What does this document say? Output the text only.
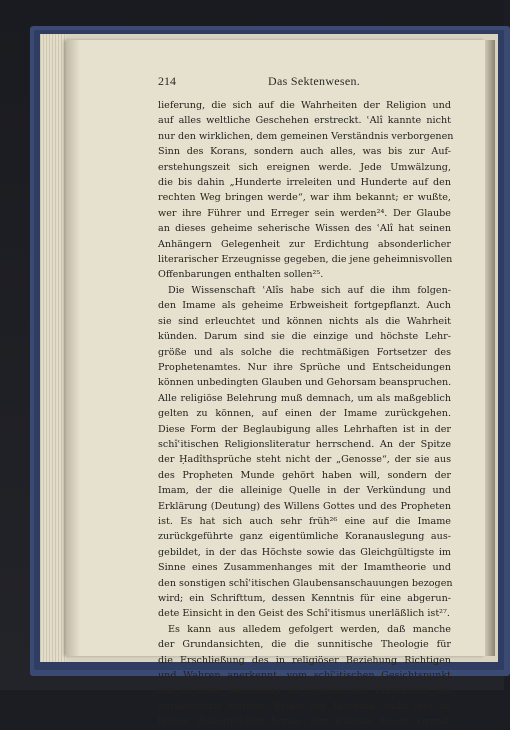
214	Das Sektenwesen.
lieferung, die sich auf die Wahrheiten der Religion und
auf alles weltliche Geschehen erstreckt. ʿAlî kannte nicht
nur den wirklichen, dem gemeinen Verständnis verborgenen
Sinn des Korans, sondern auch alles, was bis zur Auf-
erstehungszeit sich ereignen werde. Jede Umwälzung,
die bis dahin „Hunderte irreleiten und Hunderte auf den
rechten Weg bringen werde“, war ihm bekannt; er wußte,
wer ihre Führer und Erreger sein werden²⁴. Der Glaube
an dieses geheime seherische Wissen des ʿAlî hat seinen
Anhängern Gelegenheit zur Erdichtung absonderlicher
literarischer Erzeugnisse gegeben, die jene geheimnisvollen
Offenbarungen enthalten sollen²⁵.
Die Wissenschaft ʿAlîs habe sich auf die ihm folgen-
den Imame als geheime Erbweisheit fortgepflanzt. Auch
sie sind erleuchtet und können nichts als die Wahrheit
künden. Darum sind sie die einzige und höchste Lehr-
größe und als solche die rechtmäßigen Fortsetzer des
Prophetenamtes. Nur ihre Sprüche und Entscheidungen
können unbedingten Glauben und Gehorsam beanspruchen.
Alle religiöse Belehrung muß demnach, um als maßgeblich
gelten zu können, auf einen der Imame zurückgehen.
Diese Form der Beglaubigung alles Lehrhaften ist in der
schîʿitischen Religionsliteratur herrschend. An der Spitze
der Ḥadîthsprüche steht nicht der „Genosse“, der sie aus
des Propheten Munde gehört haben will, sondern der
Imam, der die alleinige Quelle in der Verkündung und
Erklärung (Deutung) des Willens Gottes und des Propheten
ist. Es hat sich auch sehr früh²⁶ eine auf die Imame
zurückgeführte ganz eigentümliche Koranauslegung aus-
gebildet, in der das Höchste sowie das Gleichgültigste im
Sinne eines Zusammenhanges mit der Imamtheorie und
den sonstigen schîʿitischen Glaubensanschauungen bezogen
wird; ein Schrifttum, dessen Kenntnis für eine abgerun-
dete Einsicht in den Geist des Schîʿitismus unerläßlich ist²⁷.
Es kann aus alledem gefolgert werden, daß manche
der Grundansichten, die die sunnitische Theologie für
die Erschließung des in religiöser Beziehung Richtigen
und Wahren anerkennt, vom schîʿitischen Gesichtspunkt
aus in ihrer Bedeutung als Quellen der Erkenntnis tief
herabgesetzt werden. Selbst der Idschmâʿ sinkt hier zu
bloßer Äußerlichkeit herab. Der Einfluß dieses Grund-
